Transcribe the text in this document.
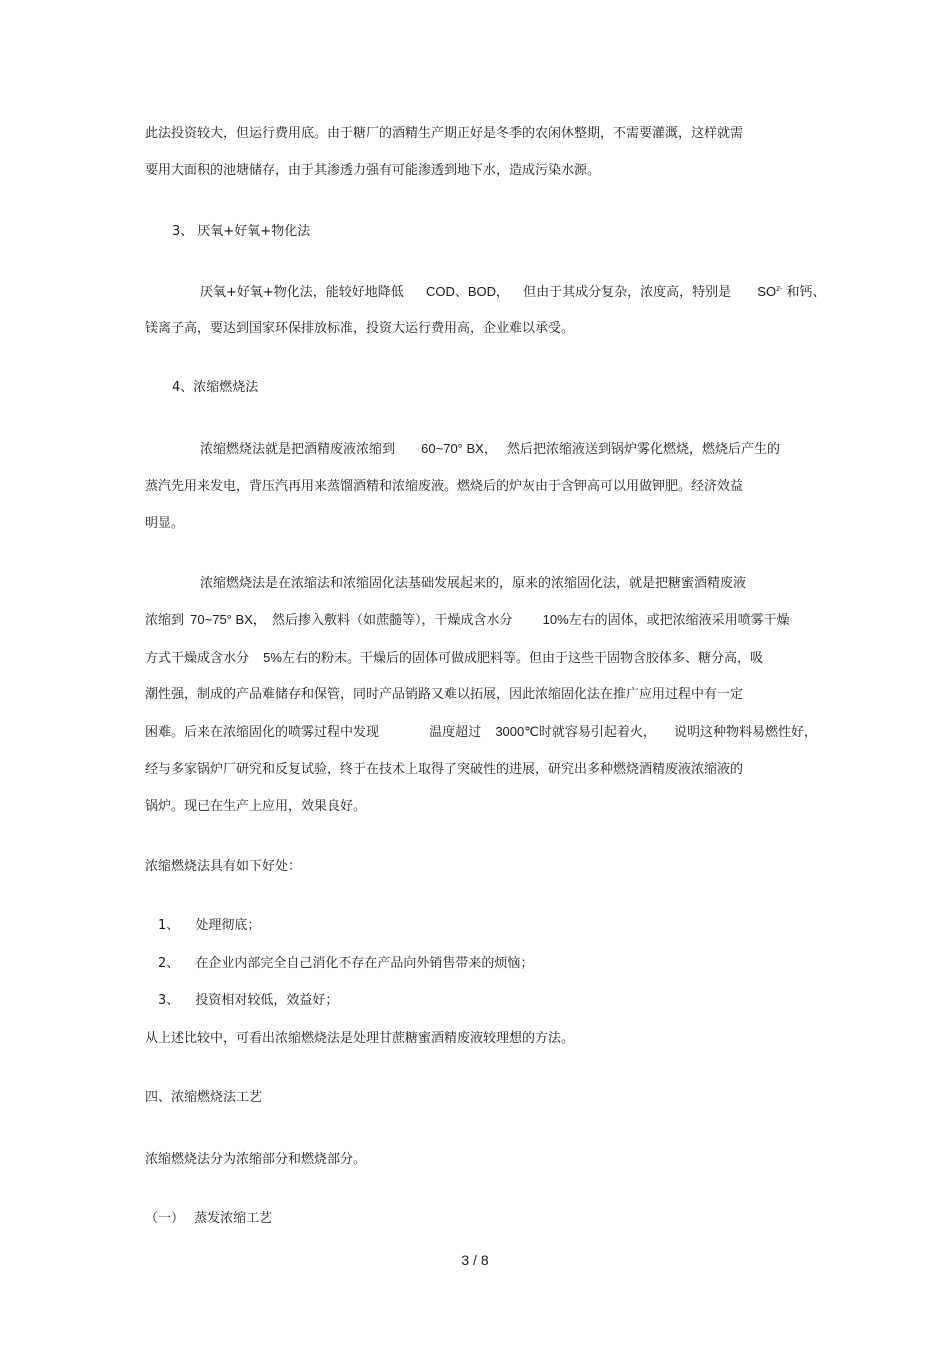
此法投资较大，但运行费用底。由于糖厂的酒精生产期正好是冬季的农闲休整期，不需要灌溉，这样就需
要用大面积的池塘储存，由于其渗透力强有可能渗透到地下水，造成污染水源。
3、 厌氧+好氧+物化法
厌氧+好氧+物化法，能较好地降低 COD、BOD， 但由于其成分复杂，浓度高，特别是 $SO^{2-}$ 和钙、
镁离子高，要达到国家环保排放标准，投资大运行费用高，企业难以承受。
4、浓缩燃烧法
浓缩燃烧法就是把酒精废液浓缩到 60~70° BX， 然后把浓缩液送到锅炉雾化燃烧，燃烧后产生的
蒸汽先用来发电，背压汽再用来蒸馏酒精和浓缩废液。燃烧后的炉灰由于含钾高可以用做钾肥。经济效益
明显。
浓缩燃烧法是在浓缩法和浓缩固化法基础发展起来的，原来的浓缩固化法，就是把糖蜜酒精废液
浓缩到 70~75° BX， 然后掺入敷料（如蔗髓等），干燥成含水分 10%左右的固体，或把浓缩液采用喷雾干燥
方式干燥成含水分 5%左右的粉末。干燥后的固体可做成肥料等。但由于这些干固物含胶体多、糖分高，吸
潮性强，制成的产品难储存和保管，同时产品销路又难以拓展，因此浓缩固化法在推广应用过程中有一定
困难。后来在浓缩固化的喷雾过程中发现	温度超过 3000℃时就容易引起着火， 说明这种物料易燃性好，
经与多家锅炉厂研究和反复试验，终于在技术上取得了突破性的进展，研究出多种燃烧酒精废液浓缩液的
锅炉。现已在生产上应用，效果良好。
浓缩燃烧法具有如下好处：
1、 处理彻底；
2、 在企业内部完全自己消化不存在产品向外销售带来的烦恼；
3、 投资相对较低，效益好；
从上述比较中，可看出浓缩燃烧法是处理甘蔗糖蜜酒精废液较理想的方法。
四、浓缩燃烧法工艺
浓缩燃烧法分为浓缩部分和燃烧部分。
（一） 蒸发浓缩工艺
3 / 8
